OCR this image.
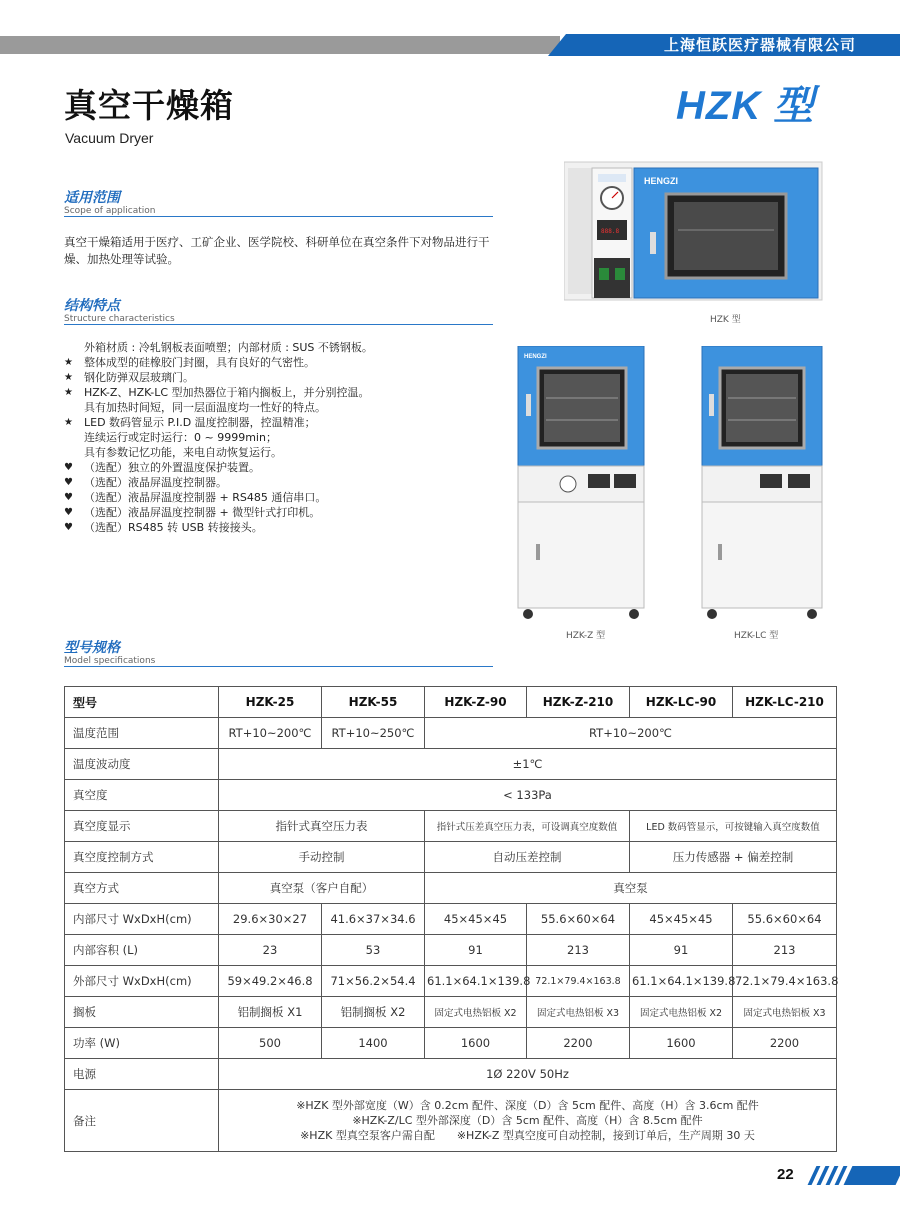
上海恒跃医疗器械有限公司
真空干燥箱
Vacuum Dryer
HZK 型
适用范围
Scope of application
真空干燥箱适用于医疗、工矿企业、医学院校、科研单位在真空条件下对物品进行干燥、加热处理等试验。
结构特点
Structure characteristics
外箱材质 : 冷轧钢板表面喷塑；内部材质 : SUS 不锈钢板。
★	整体成型的硅橡胶门封圈，具有良好的气密性。
★	钢化防弹双层玻璃门。
★	HZK-Z、HZK-LC 型加热器位于箱内搁板上，并分别控温。
具有加热时间短，同一层面温度均一性好的特点。
★	LED 数码管显示 P.I.D 温度控制器，控温精准；
连续运行或定时运行：0 ~ 9999min；
具有参数记忆功能，来电自动恢复运行。
♥	（选配）独立的外置温度保护装置。
♥	（选配）液晶屏温度控制器。
♥	（选配）液晶屏温度控制器 + RS485 通信串口。
♥	（选配）液晶屏温度控制器 + 微型针式打印机。
♥	（选配）RS485 转 USB 转接接头。
888.8
HENGZI
HZK 型
HENGZI
HZK-Z 型	HZK-LC 型
型号规格
Model specifications
型号	HZK-25	HZK-55	HZK-Z-90	HZK-Z-210	HZK-LC-90	HZK-LC-210
温度范围	RT+10~200℃	RT+10~250℃	RT+10~200℃			
温度波动度	±1℃					
真空度	< 133Pa					
真空度显示	指针式真空压力表		指针式压差真空压力表，可设调真空度数值		LED 数码管显示，可按键输入真空度数值	
真空度控制方式	手动控制		自动压差控制		压力传感器 + 偏差控制	
真空方式	真空泵（客户自配）		真空泵			
内部尺寸 WxDxH(cm)	29.6×30×27	41.6×37×34.6	45×45×45	55.6×60×64	45×45×45	55.6×60×64
内部容积 (L)	23	53	91	213	91	213
外部尺寸 WxDxH(cm)	59×49.2×46.8	71×56.2×54.4	61.1×64.1×139.8	72.1×79.4×163.8	61.1×64.1×139.8	72.1×79.4×163.8
搁板	铝制搁板 X1	铝制搁板 X2	固定式电热铝板 X2	固定式电热铝板 X3	固定式电热铝板 X2	固定式电热铝板 X3
功率 (W)	500	1400	1600	2200	1600	2200
电源	1Ø 220V 50Hz					
备注	※HZK 型外部宽度（W）含 0.2cm 配件、深度（D）含 5cm 配件、高度（H）含 3.6cm 配件
※HZK-Z/LC 型外部深度（D）含 5cm 配件、高度（H）含 8.5cm 配件
※HZK 型真空泵客户需自配　　※HZK-Z 型真空度可自动控制，接到订单后，生产周期 30 天					
22
